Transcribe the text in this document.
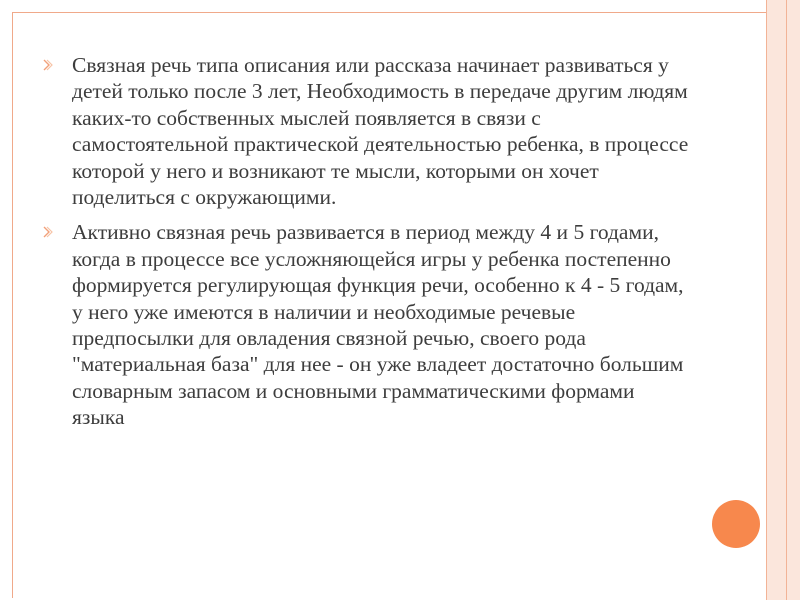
Связная речь типа описания или рассказа начинает развиваться у детей только после 3 лет, Необходимость в передаче другим людям каких-то собственных мыслей появляется в связи с самостоятельной практической деятельностью ребенка, в процессе которой у него и возникают те мысли, которыми он хочет поделиться с окружающими.
Активно связная речь развивается в период между 4 и 5 годами, когда в процессе все усложняющейся игры у ребенка постепенно формируется регулирующая функция речи, особенно к 4 - 5 годам, у него уже имеются в наличии и необходимые речевые предпосылки для овладения связной речью, своего рода "материальная база" для нее - он уже владеет достаточно большим словарным запасом и основными грамматическими формами языка
